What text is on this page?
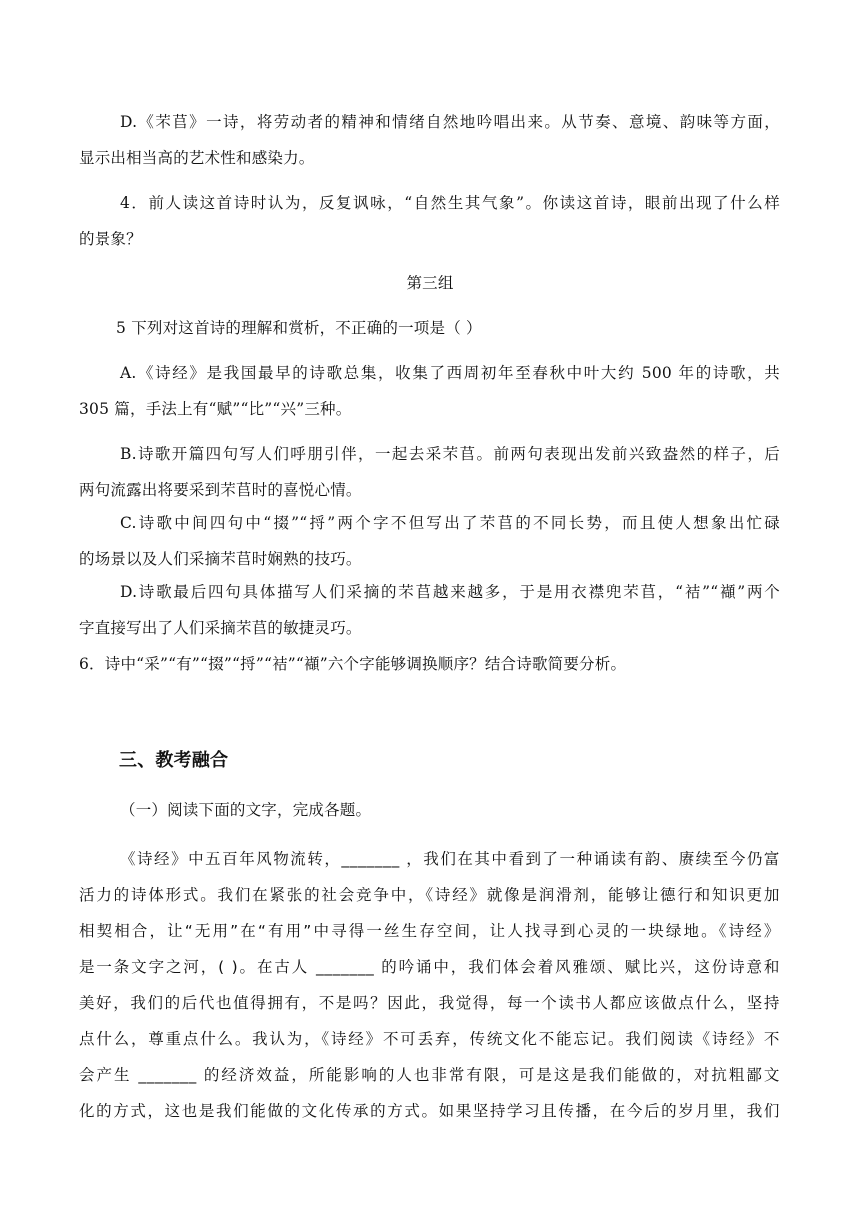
D.《芣苢》一诗，将劳动者的精神和情绪自然地吟唱出来。从节奏、意境、韵味等方面，
显示出相当高的艺术性和感染力。
4．前人读这首诗时认为，反复讽咏，“自然生其气象”。你读这首诗，眼前出现了什么样
的景象？
第三组
5 下列对这首诗的理解和赏析，不正确的一项是（ ）
A.《诗经》是我国最早的诗歌总集，收集了西周初年至春秋中叶大约 500 年的诗歌，共
305 篇，手法上有“赋”“比”“兴”三种。
B.诗歌开篇四句写人们呼朋引伴，一起去采芣苢。前两句表现出发前兴致盎然的样子，后
两句流露出将要采到芣苢时的喜悦心情。
C.诗歌中间四句中“掇”“捋”两个字不但写出了芣苢的不同长势，而且使人想象出忙碌
的场景以及人们采摘芣苢时娴熟的技巧。
D.诗歌最后四句具体描写人们采摘的芣苢越来越多，于是用衣襟兜芣苢，“袺”“襭”两个
字直接写出了人们采摘芣苢的敏捷灵巧。
6．诗中“采”“有”“掇”“捋”“袺”“襭”六个字能够调换顺序？结合诗歌简要分析。
三、教考融合
（一）阅读下面的文字，完成各题。
《诗经》中五百年风物流转，_______ ，我们在其中看到了一种诵读有韵、赓续至今仍富
活力的诗体形式。我们在紧张的社会竞争中，《诗经》就像是润滑剂，能够让德行和知识更加
相契相合，让“无用”在“有用”中寻得一丝生存空间，让人找寻到心灵的一块绿地。《诗经》
是一条文字之河，( )。在古人 _______ 的吟诵中，我们体会着风雅颂、赋比兴，这份诗意和
美好，我们的后代也值得拥有，不是吗？因此，我觉得，每一个读书人都应该做点什么，坚持
点什么，尊重点什么。我认为，《诗经》不可丢弃，传统文化不能忘记。我们阅读《诗经》不
会产生 _______ 的经济效益，所能影响的人也非常有限，可是这是我们能做的，对抗粗鄙文
化的方式，这也是我们能做的文化传承的方式。如果坚持学习且传播，在今后的岁月里，我们
